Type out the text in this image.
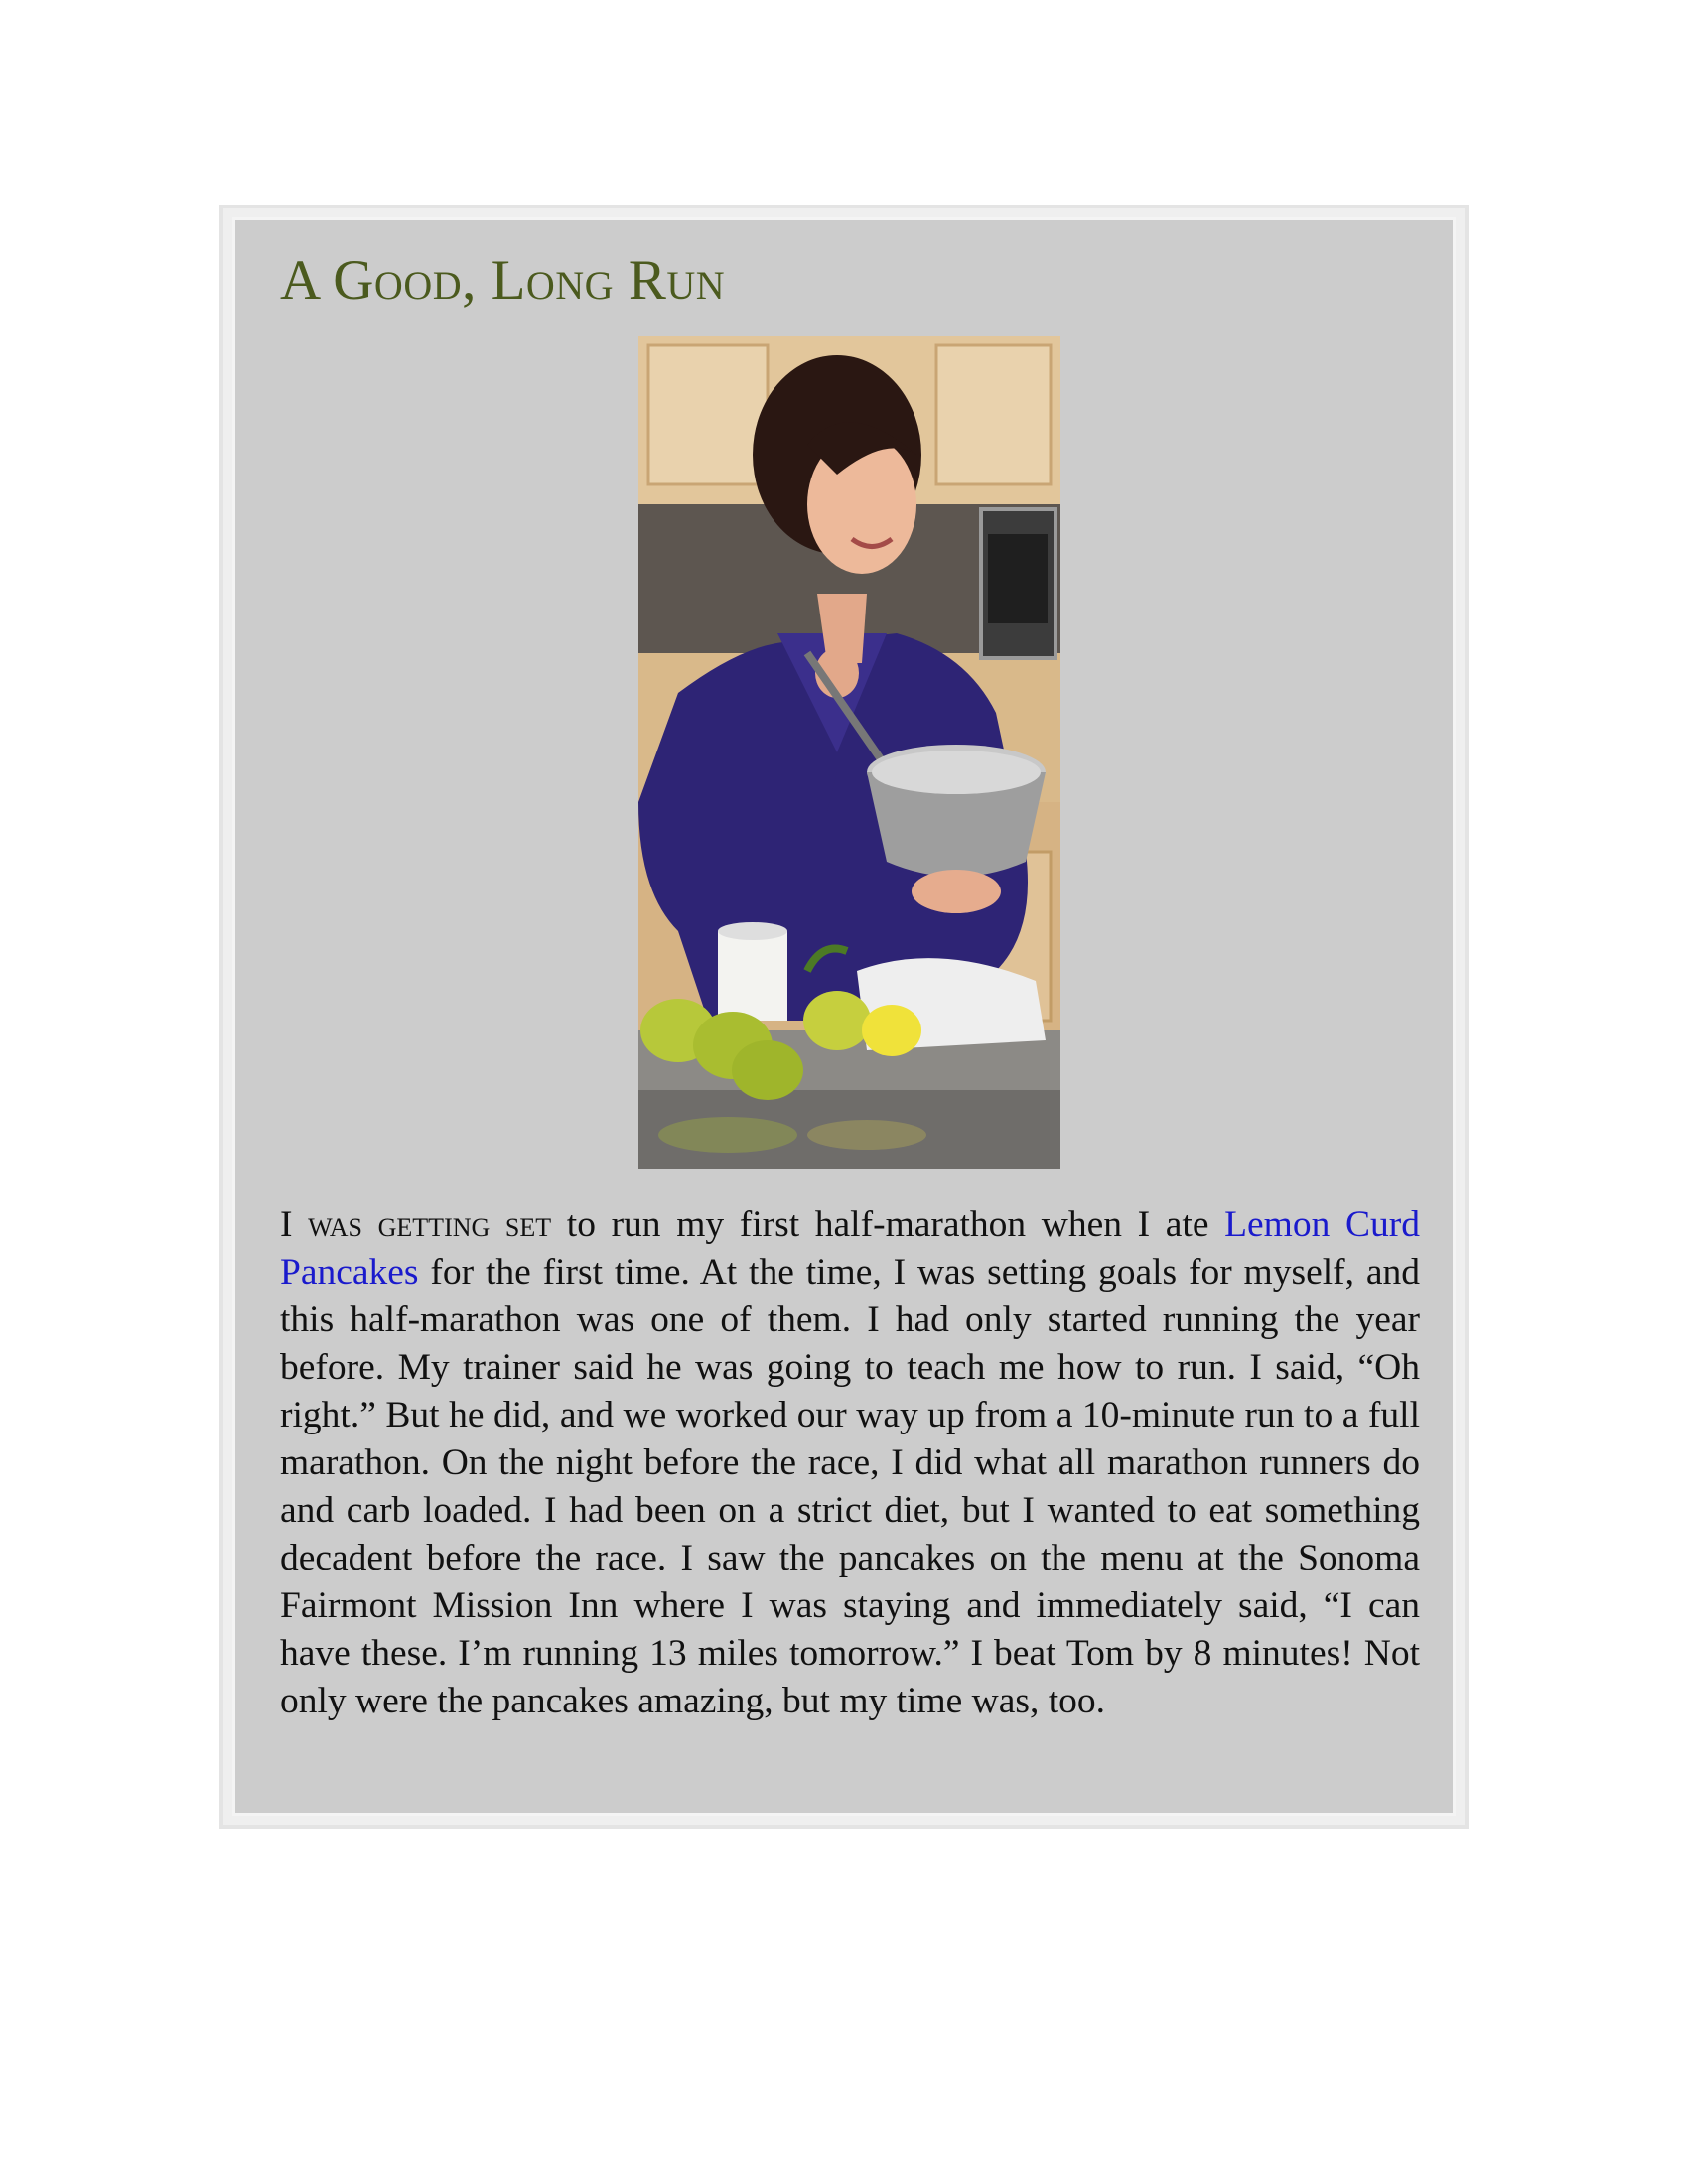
A Good, Long Run

I was getting set to run my first half-marathon when I ate Lemon Curd Pancakes for the first time. At the time, I was setting goals for myself, and this half-marathon was one of them. I had only started running the year before. My trainer said he was going to teach me how to run. I said, “Oh right.” But he did, and we worked our way up from a 10-minute run to a full marathon. On the night before the race, I did what all marathon runners do and carb loaded. I had been on a strict diet, but I wanted to eat something decadent before the race. I saw the pancakes on the menu at the Sonoma Fairmont Mission Inn where I was staying and immediately said, “I can have these. I’m running 13 miles tomorrow.” I beat Tom by 8 minutes! Not only were the pancakes amazing, but my time was, too.
